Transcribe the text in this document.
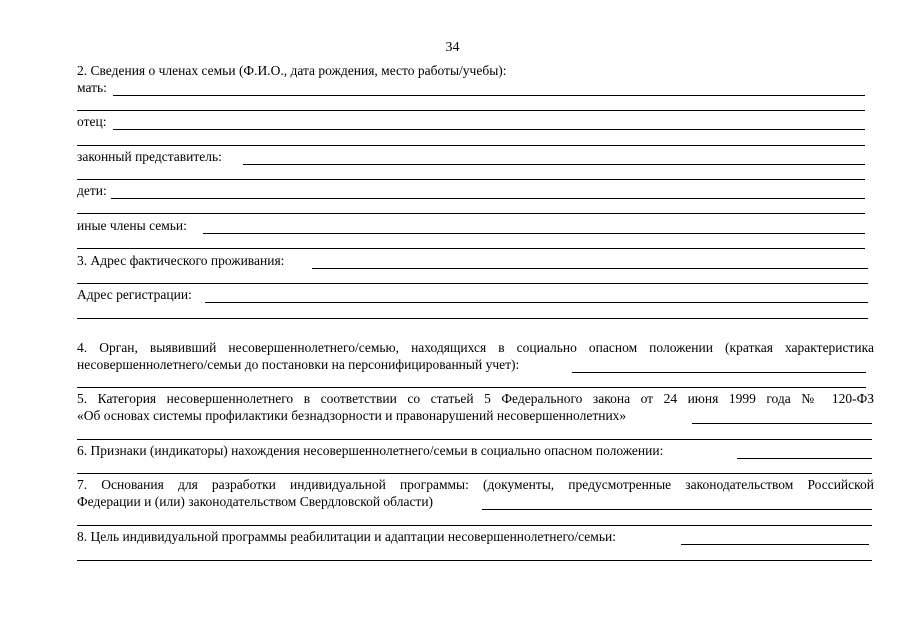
34
2. Сведения о членах семьи (Ф.И.О., дата рождения, место работы/учебы):
мать:
отец:
законный представитель:
дети:
иные члены семьи:
3. Адрес фактического проживания:
Адрес регистрации:
4. Орган, выявивший несовершеннолетнего/семью, находящихся в социально опасном положении (краткая характеристика
несовершеннолетнего/семьи до постановки на персонифицированный учет):
5. Категория несовершеннолетнего в соответствии со статьей 5 Федерального закона от 24 июня 1999 года № 120-ФЗ
«Об основах системы профилактики безнадзорности и правонарушений несовершеннолетних»
6. Признаки (индикаторы) нахождения несовершеннолетнего/семьи в социально опасном положении:
7. Основания для разработки индивидуальной программы: (документы, предусмотренные законодательством Российской
Федерации и (или) законодательством Свердловской области)
8. Цель индивидуальной программы реабилитации и адаптации несовершеннолетнего/семьи:
